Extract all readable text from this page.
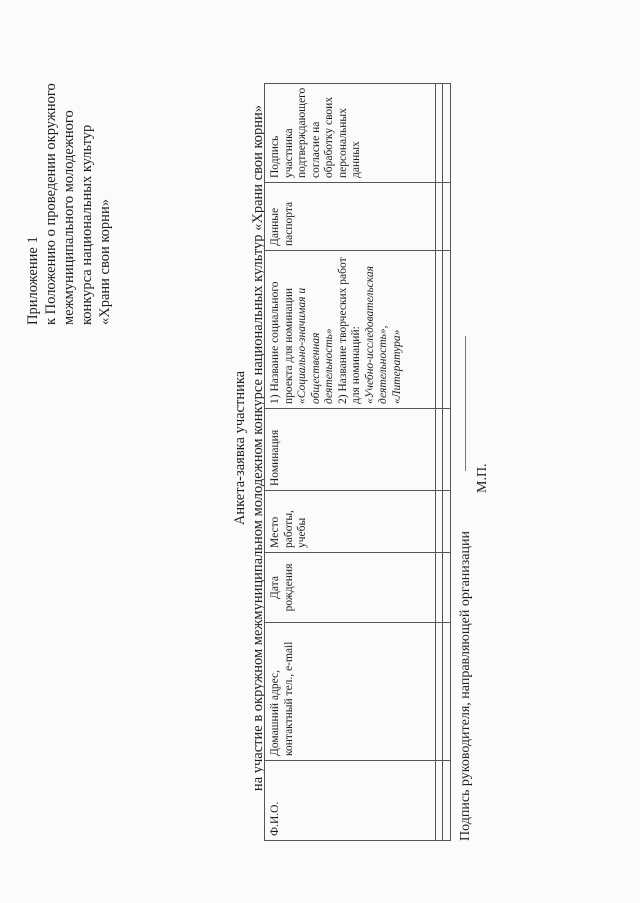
Приложение 1 к Положению о проведении окружного межмуниципального молодежного конкурса национальных культур «Храни свои корни»
Анкета-заявка участника на участие в окружном межмуниципальном молодежном конкурсе национальных культур «Храни свои корни»
Ф.И.О.	Домашний адрес, контактный тел., e-mail	Дата рождения	Место работы, учебы	Номинация	1) Название социального проекта для номинации «Социально-значимая и общественная деятельность» 2) Название творческих работ для номинаций: «Учебно-исследовательская деятельность», «Литература»	Данные паспорта	Подпись участника подтверждающего согласие на обработку своих персональных данных

Подпись руководителя, направляющей организации
М.П.
